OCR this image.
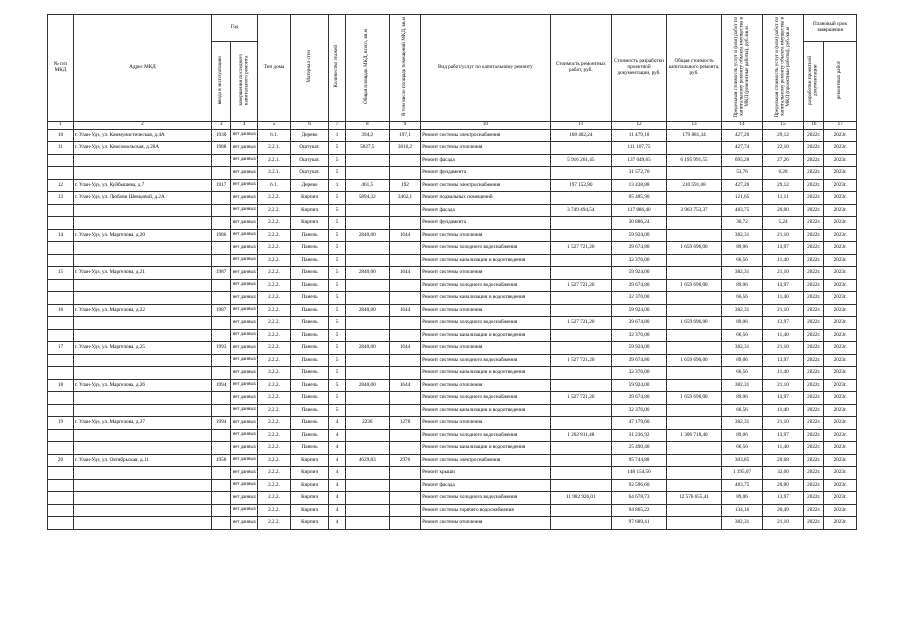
№ п/п МКД	Адрес МКД	Год		Тип дома	Материал стен	Количество этажей	Общая площадь МКД, всего, кв.м	В том числе площадь помещений МКД, кв.м	Вид работ/услуг по капитальному ремонту	Стоимость ремонтных работ, руб.	Стоимость разработки проектной документации, руб.	Общая стоимость капитального ремонта, руб.	Предельная стоимость услуг и (или) работ по капитальному ремонту объекта имущества в МКД (ремонтные работы), руб./кв.м	Предельная стоимость услуг и (или) работ по капитальному ремонту объекта имущества в МКД (проектные работы), руб./кв.м	Плановый срок завершения	
		ввода в эксплуатацию	завершения последнего капитального ремонта												разработки проектной документации	ремонтных работ
1	2	3	4	5	6	7	8	9	10	11	12	13	14	15	16	17
10	г. Улан-Удэ, ул. Коммунистическая, д.4А	1930	нет данных	6.1.	Дерево	1	394,2	197,1	Ремонт системы электроснабжения	168 402,24	11 479,10	179 881,34	427,20	29,12	2022г.	2023г.
11	г. Улан-Удэ, ул. Комсомольская, д.28А	1988	нет данных	2.2.1.	Оштукат.	5	5027,5	3016,2	Ремонт системы отопления		111 107,75		427,74	22,10	2022г.	2023г.
			нет данных	2.2.1.	Оштукат.	5			Ремонт фасада	5 916 261,45	137 049,65	6 195 991,55	695,28	27,26	2022г.	2023г.
			нет данных	2.2.1.	Оштукат.	5			Ремонт фундамента		31 572,70		53,76	6,28	2022г.	2023г.
12	г. Улан-Удэ, ул. Куйбышева, д.7	1917	нет данных	6.1.	Дерево	1	461,5	192	Ремонт системы электроснабжения	197 152,80	13 438,88	210 591,68	427,20	29,12	2022г.	2023г.
13	г. Улан-Удэ, ул. Любови Шевцовой, д.2А		нет данных	2.2.2.	Кирпич	5	5894,32	3462,1	Ремонт подвальных помещений		65 485,90		121,65	11,11	2022г.	2023г.
			нет данных	2.2.2.	Кирпич	5			Ремонт фасада	3 749 494,54	117 886,40	3 963 753,37	483,75	20,00	2022г.	2023г.
			нет данных	2.2.2.	Кирпич	5			Ремонт фундамента		30 886,24		30,72	5,24	2022г.	2023г.
14	г. Улан-Удэ, ул. Маргелова, д.20	1986	нет данных	2.2.2.	Панель	5	2840,00	1644	Ремонт системы отопления		59 924,00		382,31	21,10	2022г.	2023г.
			нет данных	2.2.2.	Панель	5			Ремонт системы холодного водоснабжения	1 527 721,20	39 674,80	1 659 696,00	89,06	13,97	2022г.	2023г.
			нет данных	2.2.2.	Панель	5			Ремонт системы канализации и водоотведения		32 376,00		66,56	11,40	2022г.	2023г.
15	г. Улан-Удэ, ул. Маргелова, д.21	1987	нет данных	2.2.2.	Панель	5	2840,00	1644	Ремонт системы отопления		59 924,00		382,31	21,10	2022г.	2023г.
			нет данных	2.2.2.	Панель	5			Ремонт системы холодного водоснабжения	1 527 721,20	39 674,80	1 659 696,00	89,06	13,97	2022г.	2023г.
			нет данных	2.2.2.	Панель	5			Ремонт системы канализации и водоотведения		32 376,00		66,56	11,40	2022г.	2023г.
16	г. Улан-Удэ, ул. Маргелова, д.22	1987	нет данных	2.2.2.	Панель	5	2840,00	1644	Ремонт системы отопления		59 924,00		382,31	21,10	2022г.	2023г.
			нет данных	2.2.2.	Панель	5			Ремонт системы холодного водоснабжения	1 527 721,20	39 674,80	1 659 696,00	89,06	13,97	2022г.	2023г.
			нет данных	2.2.2.	Панель	5			Ремонт системы канализации и водоотведения		32 376,00		66,56	11,40	2022г.	2023г.
17	г. Улан-Удэ, ул. Маргелова, д.25	1993	нет данных	2.2.2.	Панель	5	2840,00	1644	Ремонт системы отопления		59 924,00		382,31	21,10	2022г.	2023г.
			нет данных	2.2.2.	Панель	5			Ремонт системы холодного водоснабжения	1 527 721,20	39 674,80	1 659 696,00	89,06	13,97	2022г.	2023г.
			нет данных	2.2.2.	Панель	5			Ремонт системы канализации и водоотведения		32 376,00		66,56	11,40	2022г.	2023г.
18	г. Улан-Удэ, ул. Маргелова, д.26	1994	нет данных	2.2.2.	Панель	5	2840,00	1644	Ремонт системы отопления		59 924,00		382,31	21,10	2022г.	2023г.
			нет данных	2.2.2.	Панель	5			Ремонт системы холодного водоснабжения	1 527 721,20	39 674,80	1 659 696,00	89,06	13,97	2022г.	2023г.
			нет данных	2.2.2.	Панель	5			Ремонт системы канализации и водоотведения		32 376,00		66,56	11,40	2022г.	2023г.
19	г. Улан-Удэ, ул. Маргелова, д.27	1994	нет данных	2.2.2.	Панель	4	2236	1278	Ремонт системы отопления		47 179,60		382,31	21,10	2022г.	2023г.
			нет данных	2.2.2.	Панель	4			Ремонт системы холодного водоснабжения	1 202 811,48	31 236,92	1 306 718,40	89,06	13,97	2022г.	2023г.
			нет данных	2.2.2.	Панель	4			Ремонт системы канализации и водоотведения		25 490,40		66,56	11,40	2022г.	2023г.
20	г. Улан-Удэ, ул. Октябрьская, д.11	1958	нет данных	2.2.2.	Кирпич	4	4629,83	2976	Ремонт системы электроснабжения		95 744,88		303,85	20,68	2022г.	2023г.
			нет данных	2.2.2.	Кирпич	4			Ремонт крыши		148 154,56		1 195,07	32,00	2022г.	2023г.
			нет данных	2.2.2.	Кирпич	4			Ремонт фасада		92 596,60		483,75	20,00	2022г.	2023г.
			нет данных	2.2.2.	Кирпич	4			Ремонт системы холодного водоснабжения	11 982 926,01	64 678,73	12 576 655,41	89,06	13,97	2022г.	2023г.
			нет данных	2.2.2.	Кирпич	4			Ремонт системы горячего водоснабжения		94 865,22		134,16	20,49	2022г.	2023г.
			нет данных	2.2.2.	Кирпич	4			Ремонт системы отопления		97 689,41		382,31	21,10	2022г.	2023г.
